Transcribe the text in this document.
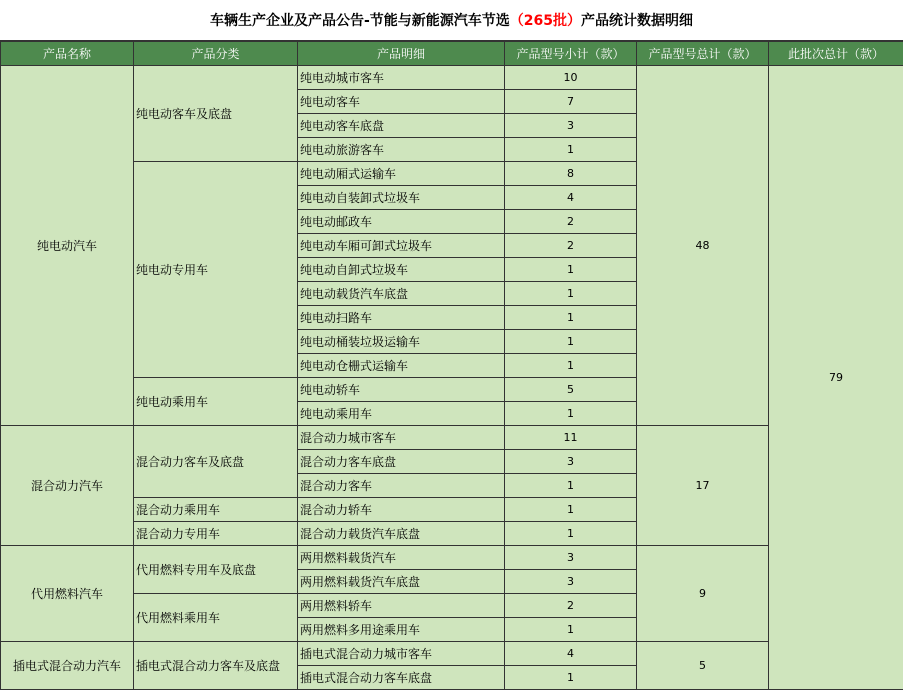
车辆生产企业及产品公告-节能与新能源汽车节选 （265批） 产品统计数据明细
产品名称	产品分类	产品明细	产品型号小计（款）	产品型号总计（款）	此批次总计（款）
纯电动汽车	纯电动客车及底盘	纯电动城市客车	10	48	79
		纯电动客车	7		
		纯电动客车底盘	3		
		纯电动旅游客车	1		
	纯电动专用车	纯电动厢式运输车	8		
		纯电动自装卸式垃圾车	4		
		纯电动邮政车	2		
		纯电动车厢可卸式垃圾车	2		
		纯电动自卸式垃圾车	1		
		纯电动载货汽车底盘	1		
		纯电动扫路车	1		
		纯电动桶装垃圾运输车	1		
		纯电动仓栅式运输车	1		
	纯电动乘用车	纯电动轿车	5		
		纯电动乘用车	1		
混合动力汽车	混合动力客车及底盘	混合动力城市客车	11	17	
		混合动力客车底盘	3		
		混合动力客车	1		
	混合动力乘用车	混合动力轿车	1		
	混合动力专用车	混合动力载货汽车底盘	1		
代用燃料汽车	代用燃料专用车及底盘	两用燃料载货汽车	3	9	
		两用燃料载货汽车底盘	3		
	代用燃料乘用车	两用燃料轿车	2		
		两用燃料多用途乘用车	1		
插电式混合动力汽车	插电式混合动力客车及底盘	插电式混合动力城市客车	4	5	
		插电式混合动力客车底盘	1		
